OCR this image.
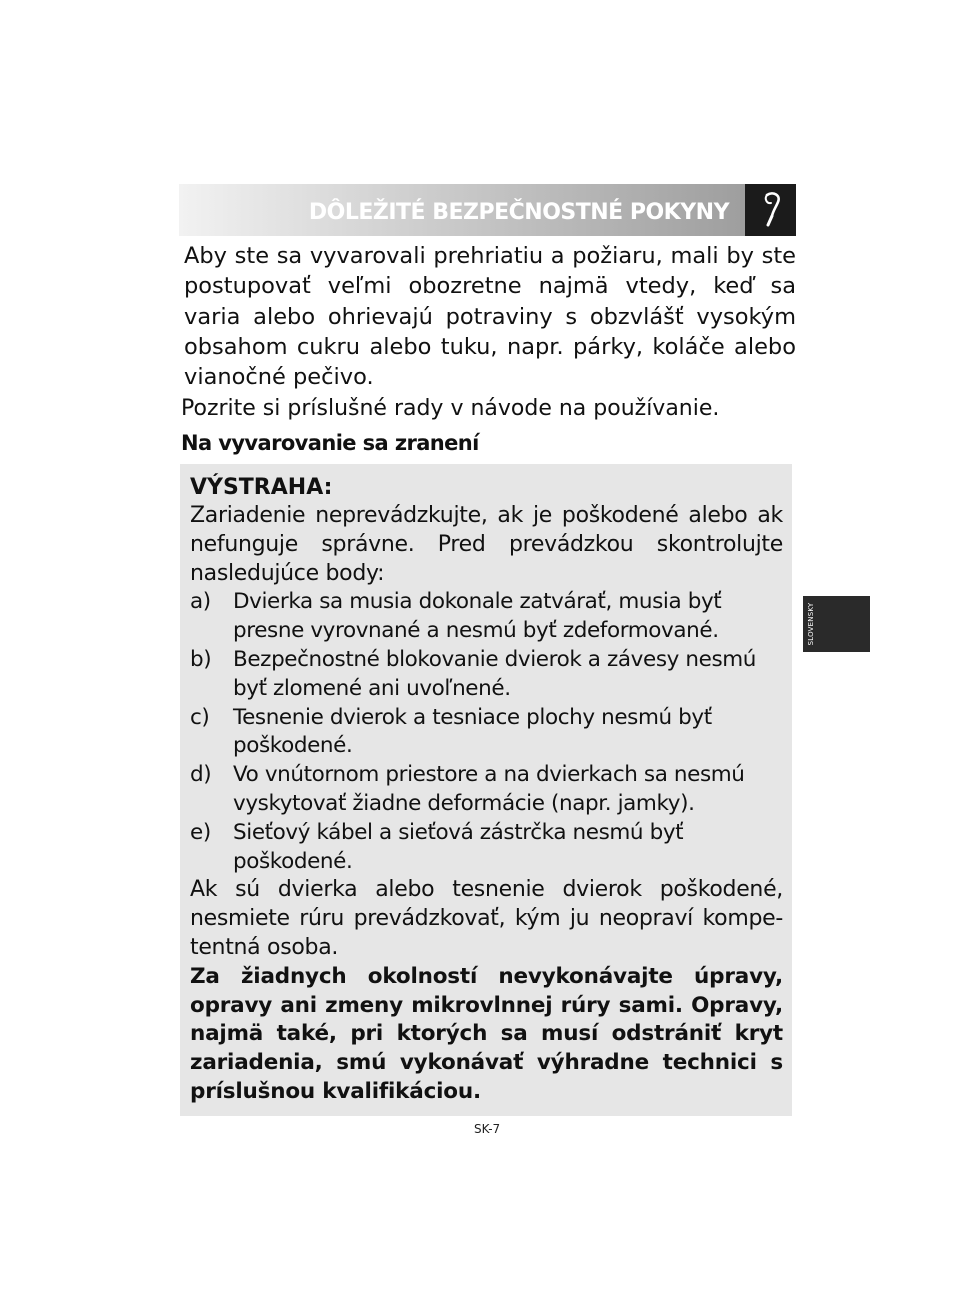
DÔLEŽITÉ BEZPEČNOSTNÉ POKYNY
Aby ste sa vyvarovali prehriatiu a požiaru, mali by ste postupovať veľmi obozretne najmä vtedy, keď sa varia alebo ohrievajú potraviny s obzvlášť vysokým obsahom cukru alebo tuku, napr. párky, koláče alebo vianočné pečivo.
Pozrite si príslušné rady v návode na používanie.
Na vyvarovanie sa zranení
VÝSTRAHA:
Zariadenie neprevádzkujte, ak je poškodené alebo ak nefunguje správne. Pred prevádzkou skontrolujte nasledujúce body:
a) Dvierka sa musia dokonale zatvárať, musia byť presne vyrovnané a nesmú byť zdeformované.
b) Bezpečnostné blokovanie dvierok a závesy nesmú byť zlomené ani uvoľnené.
c) Tesnenie dvierok a tesniace plochy nesmú byť poškodené.
d) Vo vnútornom priestore a na dvierkach sa nesmú vyskytovať žiadne deformácie (napr. jamky).
e) Sieťový kábel a sieťová zástrčka nesmú byť poškodené.
Ak sú dvierka alebo tesnenie dvierok poškodené, nesmiete rúru prevádzkovať, kým ju neopraví kompe-tentná osoba.
Za žiadnych okolností nevykonávajte úpravy, opravy ani zmeny mikrovlnnej rúry sami. Opravy, najmä také, pri ktorých sa musí odstrániť kryt zariadenia, smú vykonávať výhradne technici s príslušnou kvalifikáciou.
SLOVENSKY
SK-7
